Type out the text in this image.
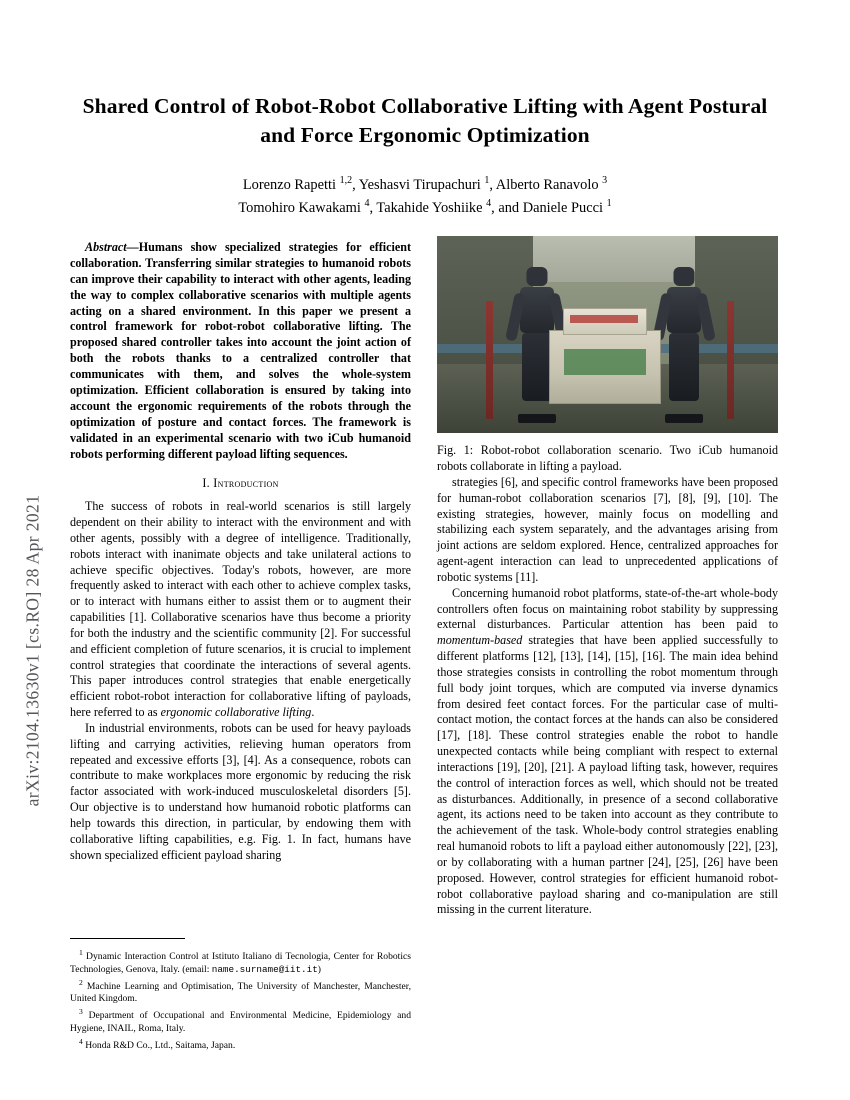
arXiv:2104.13630v1 [cs.RO] 28 Apr 2021
Shared Control of Robot-Robot Collaborative Lifting with Agent Postural and Force Ergonomic Optimization
Lorenzo Rapetti $^{1,2}$, Yeshasvi Tirupachuri $^1$, Alberto Ranavolo $^3$
Tomohiro Kawakami $^4$, Takahide Yoshiike $^4$, and Daniele Pucci $^1$
Abstract—Humans show specialized strategies for efficient collaboration. Transferring similar strategies to humanoid robots can improve their capability to interact with other agents, leading the way to complex collaborative scenarios with multiple agents acting on a shared environment. In this paper we present a control framework for robot-robot collaborative lifting. The proposed shared controller takes into account the joint action of both the robots thanks to a centralized controller that communicates with them, and solves the whole-system optimization. Efficient collaboration is ensured by taking into account the ergonomic requirements of the robots through the optimization of posture and contact forces. The framework is validated in an experimental scenario with two iCub humanoid robots performing different payload lifting sequences.
I. Introduction

The success of robots in real-world scenarios is still largely dependent on their ability to interact with the environment and with other agents, possibly with a degree of intelligence. Traditionally, robots interact with inanimate objects and take unilateral actions to achieve specific objectives. Today's robots, however, are more frequently asked to interact with each other to achieve complex tasks, or to interact with humans either to assist them or to augment their capabilities [1]. Collaborative scenarios have thus become a priority for both the industry and the scientific community [2]. For successful and efficient completion of future scenarios, it is crucial to implement control strategies that coordinate the interactions of several agents. This paper introduces control strategies that enable energetically efficient robot-robot interaction for collaborative lifting of payloads, here referred to as ergonomic collaborative lifting.

In industrial environments, robots can be used for heavy payloads lifting and carrying activities, relieving human operators from repeated and excessive efforts [3], [4]. As a consequence, robots can contribute to make workplaces more ergonomic by reducing the risk factor associated with work-induced musculoskeletal disorders [5]. Our objective is to understand how humanoid robotic platforms can help towards this direction, in particular, by endowing them with collaborative lifting capabilities, e.g. Fig. 1. In fact, humans have shown specialized efficient payload sharing

Fig. 1: Robot-robot collaboration scenario. Two iCub humanoid robots collaborate in lifting a payload.

strategies [6], and specific control frameworks have been proposed for human-robot collaboration scenarios [7], [8], [9], [10]. The existing strategies, however, mainly focus on modelling and stabilizing each system separately, and the advantages arising from joint actions are seldom explored. Hence, centralized approaches for agent-agent interaction can lead to unprecedented applications of robotic systems [11].

Concerning humanoid robot platforms, state-of-the-art whole-body controllers often focus on maintaining robot stability by suppressing external disturbances. Particular attention has been paid to momentum-based strategies that have been applied successfully to different platforms [12], [13], [14], [15], [16]. The main idea behind those strategies consists in controlling the robot momentum through full body joint torques, which are computed via inverse dynamics from desired feet contact forces. For the particular case of multi-contact motion, the contact forces at the hands can also be considered [17], [18]. These control strategies enable the robot to handle unexpected contacts while being compliant with respect to external interactions [19], [20], [21]. A payload lifting task, however, requires the control of interaction forces as well, which should not be treated as disturbances. Additionally, in presence of a second collaborative agent, its actions need to be taken into account as they contribute to the achievement of the task. Whole-body control strategies enabling real humanoid robots to lift a payload either autonomously [22], [23], or by collaborating with a human partner [24], [25], [26] have been proposed. However, control strategies for efficient humanoid robot-robot collaborative payload sharing and co-manipulation are still missing in the current literature.

$^1$ Dynamic Interaction Control at Istituto Italiano di Tecnologia, Center for Robotics Technologies, Genova, Italy. (email: name.surname@iit.it)
$^2$ Machine Learning and Optimisation, The University of Manchester, Manchester, United Kingdom.
$^3$ Department of Occupational and Environmental Medicine, Epidemiology and Hygiene, INAIL, Roma, Italy.
$^4$ Honda R&D Co., Ltd., Saitama, Japan.
